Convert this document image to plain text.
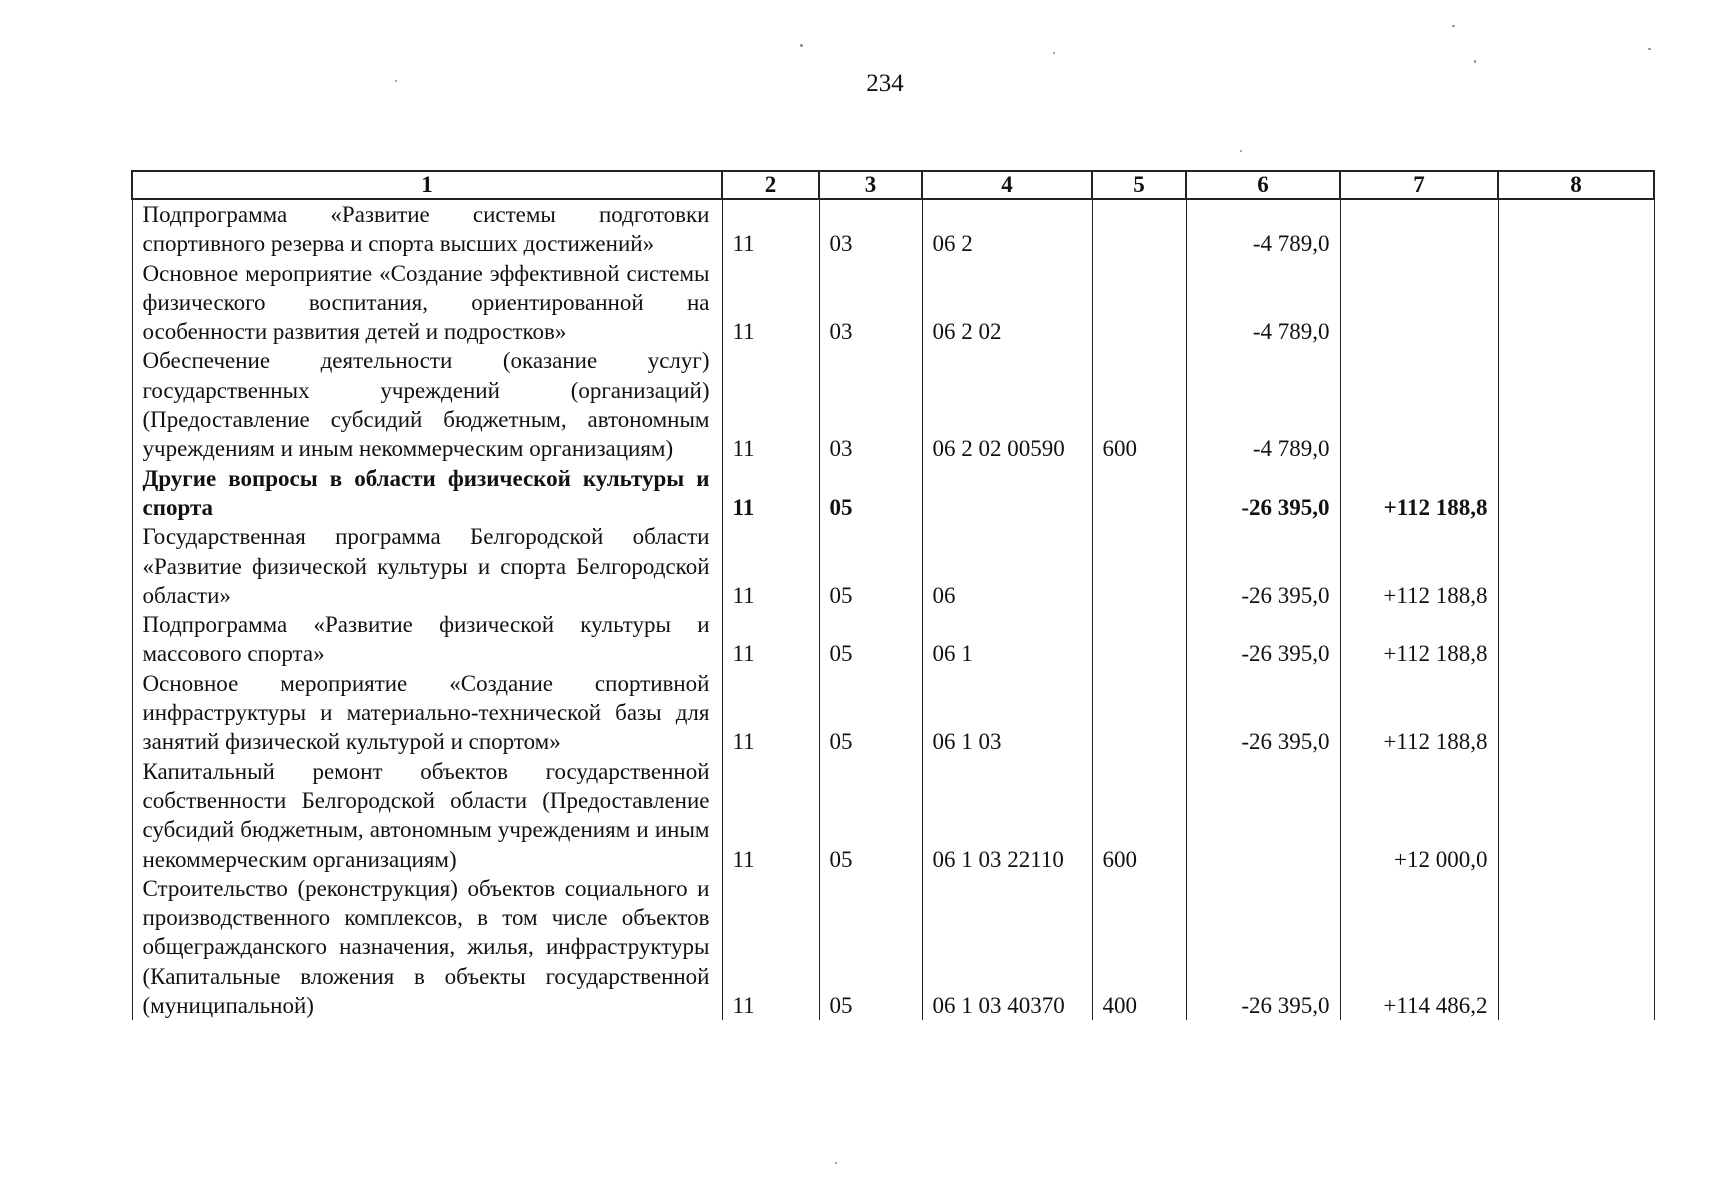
234
1	2	3	4	5	6	7	8
Подпрограмма «Развитие системы подготовки спортивного резерва и спорта высших достижений»	11	03	06 2		-4 789,0		
Основное мероприятие «Создание эффективной системы физического воспитания, ориентированной на особенности развития детей и подростков»	11	03	06 2 02		-4 789,0		
Обеспечение деятельности (оказание услуг) государственных учреждений (организаций) (Предоставление субсидий бюджетным, автономным учреждениям и иным некоммерческим организациям)	11	03	06 2 02 00590	600	-4 789,0		
Другие вопросы в области физической культуры и спорта	11	05			-26 395,0	+112 188,8	
Государственная программа Белгородской области «Развитие физической культуры и спорта Белгородской области»	11	05	06		-26 395,0	+112 188,8	
Подпрограмма «Развитие физической культуры и массового спорта»	11	05	06 1		-26 395,0	+112 188,8	
Основное мероприятие «Создание спортивной инфраструктуры и материально-технической базы для занятий физической культурой и спортом»	11	05	06 1 03		-26 395,0	+112 188,8	
Капитальный ремонт объектов государственной собственности Белгородской области (Предоставление субсидий бюджетным, автономным учреждениям и иным некоммерческим организациям)	11	05	06 1 03 22110	600		+12 000,0	
Строительство (реконструкция) объектов социального и производственного комплексов, в том числе объектов общегражданского назначения, жилья, инфраструктуры (Капитальные вложения в объекты государственной (муниципальной)	11	05	06 1 03 40370	400	-26 395,0	+114 486,2	
